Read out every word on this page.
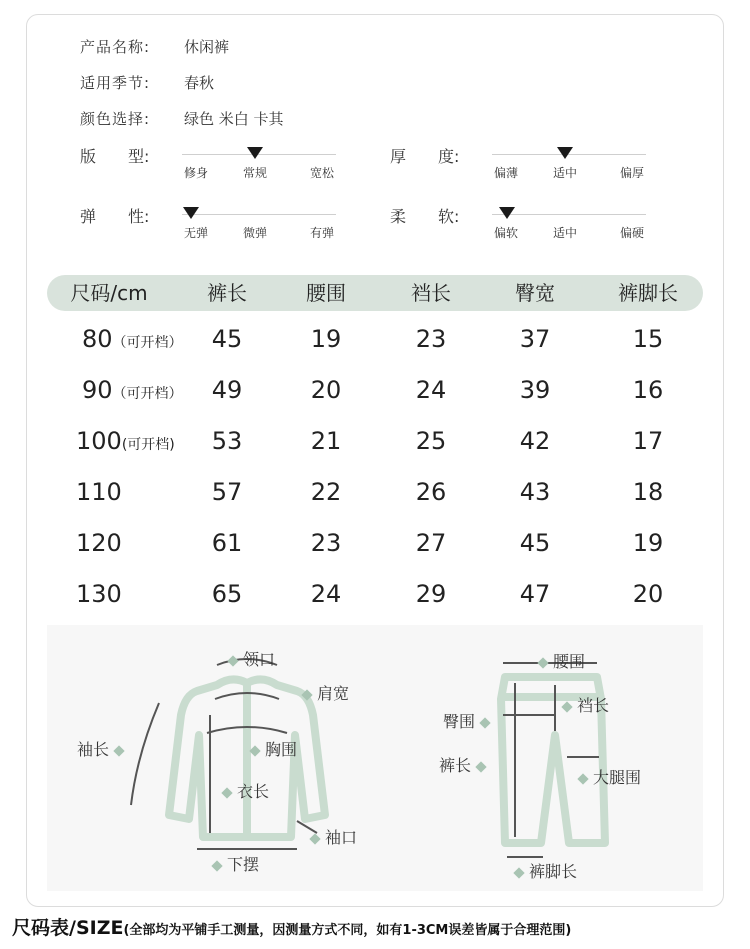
产品名称: 休闲裤
适用季节: 春秋
颜色选择: 绿色 米白 卡其
版　　型:
修身	常规	宽松
厚　　度:
偏薄	适中	偏厚
弹　　性:
无弹	微弹	有弹
柔　　软:
偏软	适中	偏硬
尺码/cm	裤长	腰围	裆长	臀宽	裤脚长
80（可开档） 45	19	23	37	15
90（可开档） 49	20	24	39	16
100(可开档) 53	21	25	42	17
110	57	22	26	43	18
120	61	23	27	45	19
130	65	24	29	47	20
领口
肩宽
袖长	胸围
衣长
袖口
下摆
腰围
臀围
裆长
裤长
大腿围
裤脚长
尺码表/SIZE(全部均为平铺手工测量，因测量方式不同，如有1-3CM误差皆属于合理范围)
